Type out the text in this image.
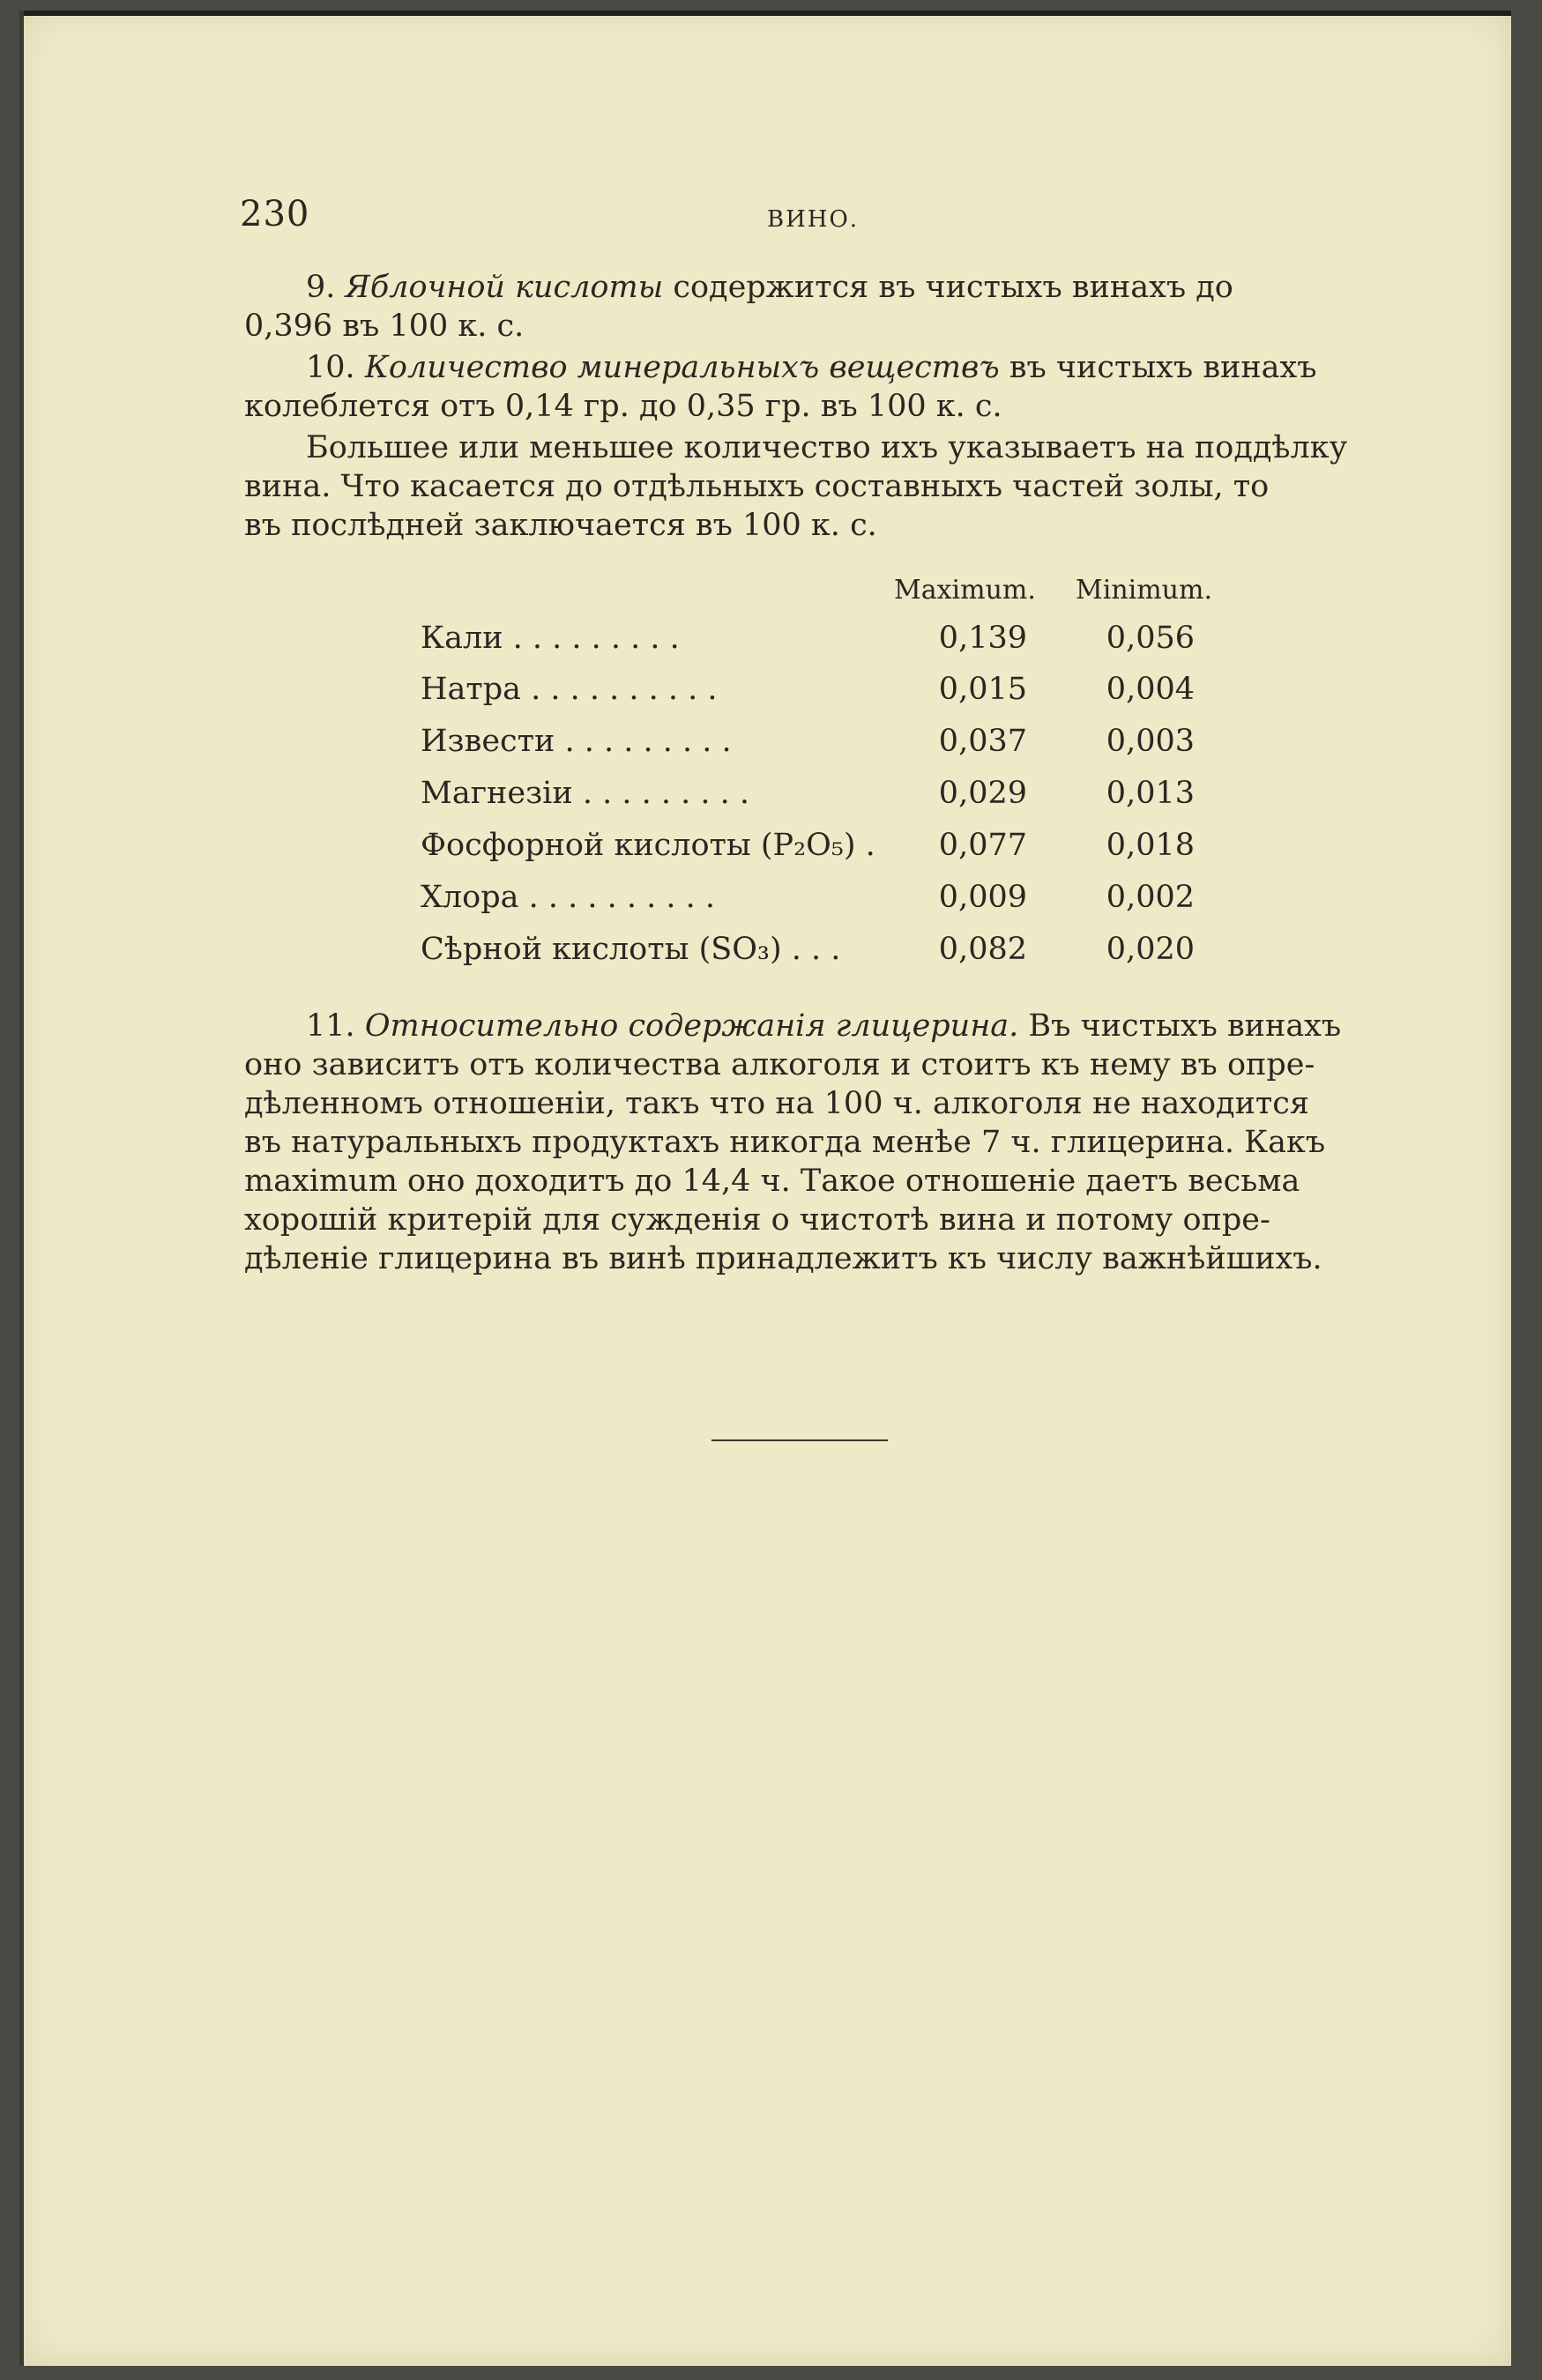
230	ВИНО.
9. Яблочной кислоты содержится въ чистыхъ винахъ до
0,396 въ 100 к. с.
10. Количество минеральныхъ веществъ въ чистыхъ винахъ
колеблется отъ 0,14 гр. до 0,35 гр. въ 100 к. с.
Большее или меньшее количество ихъ указываетъ на поддѣлку
вина. Что касается до отдѣльныхъ составныхъ частей золы, то
въ послѣдней заключается въ 100 к. с.
Maximum. Minimum.
Кали . . . . . . . . .	0,139	0,056
Натра . . . . . . . . . .	0,015	0,004
Извести . . . . . . . . .	0,037	0,003
Магнезіи . . . . . . . . .	0,029	0,013
Фосфорной кислоты (P₂O₅) .	0,077	0,018
Хлора . . . . . . . . . .	0,009	0,002
Сѣрной кислоты (SO₃) . . .	0,082	0,020
11. Относительно содержанія глицерина. Въ чистыхъ винахъ
оно зависитъ отъ количества алкоголя и стоитъ къ нему въ опре-
дѣленномъ отношеніи, такъ что на 100 ч. алкоголя не находится
въ натуральныхъ продуктахъ никогда менѣе 7 ч. глицерина. Какъ
maximum оно доходитъ до 14,4 ч. Такое отношеніе даетъ весьма
хорошій критерій для сужденія о чистотѣ вина и потому опре-
дѣленіе глицерина въ винѣ принадлежитъ къ числу важнѣйшихъ.
